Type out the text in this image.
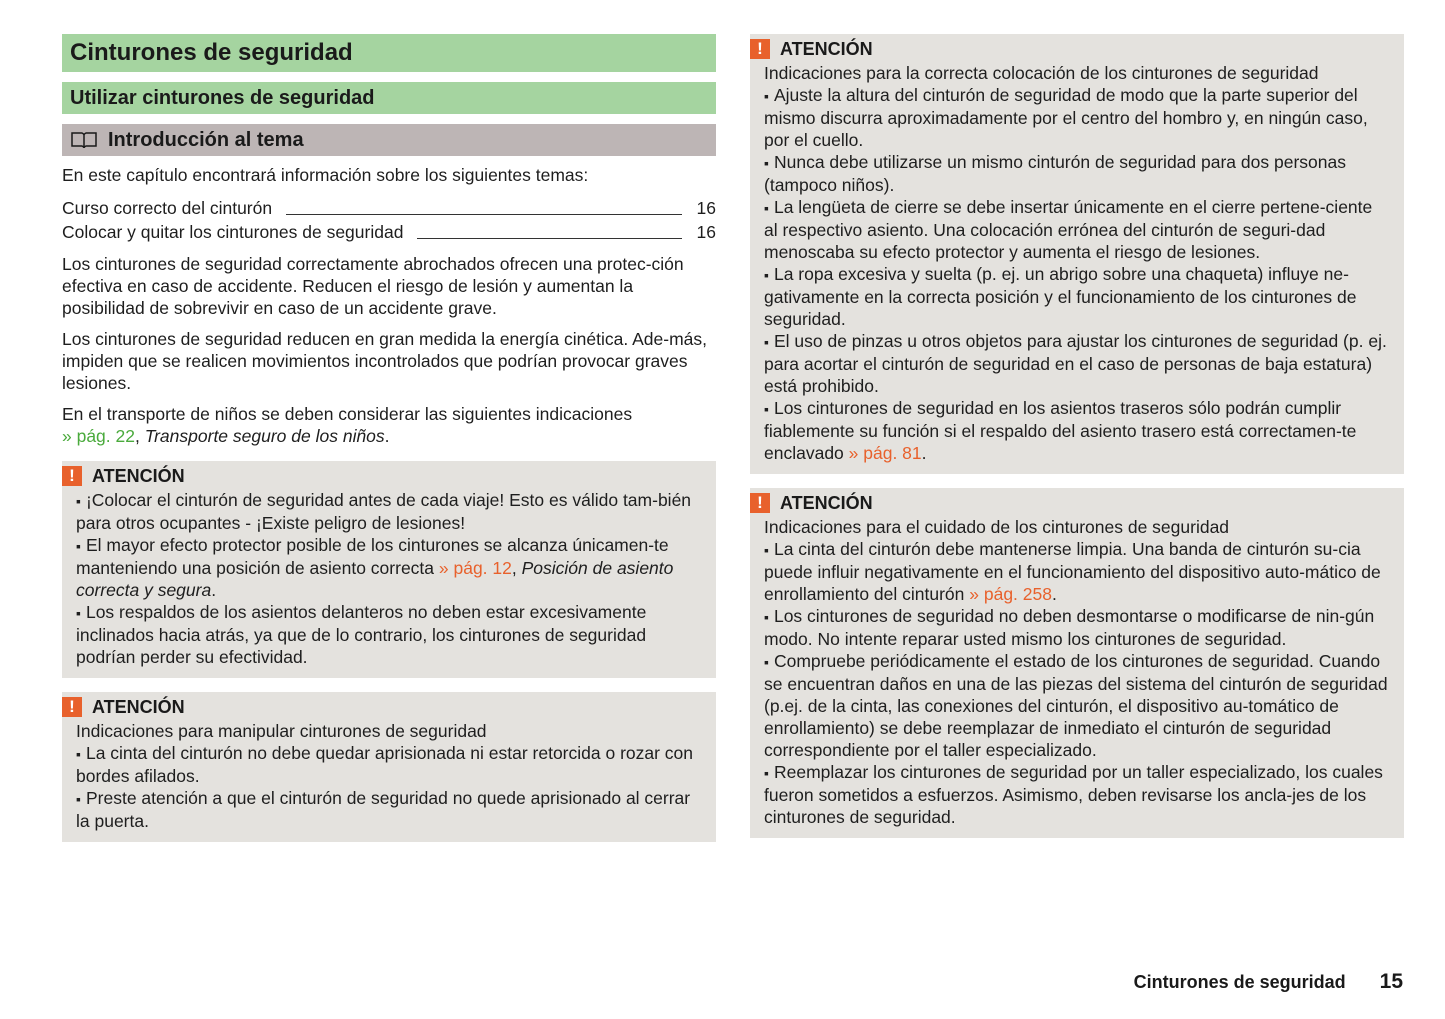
Cinturones de seguridad
Utilizar cinturones de seguridad
Introducción al tema

En este capítulo encontrará información sobre los siguientes temas:

Curso correcto del cinturón	16
Colocar y quitar los cinturones de seguridad	16

Los cinturones de seguridad correctamente abrochados ofrecen una protec-ción efectiva en caso de accidente. Reducen el riesgo de lesión y aumentan la posibilidad de sobrevivir en caso de un accidente grave.

Los cinturones de seguridad reducen en gran medida la energía cinética. Ade-más, impiden que se realicen movimientos incontrolados que podrían provocar graves lesiones.

En el transporte de niños se deben considerar las siguientes indicaciones
» pág. 22, Transporte seguro de los niños.

! ATENCIÓN

▪ ¡Colocar el cinturón de seguridad antes de cada viaje! Esto es válido tam-bién para otros ocupantes - ¡Existe peligro de lesiones!

▪ El mayor efecto protector posible de los cinturones se alcanza únicamen-te manteniendo una posición de asiento correcta » pág. 12, Posición de asiento correcta y segura.

▪ Los respaldos de los asientos delanteros no deben estar excesivamente inclinados hacia atrás, ya que de lo contrario, los cinturones de seguridad podrían perder su efectividad.

! ATENCIÓN

Indicaciones para manipular cinturones de seguridad

▪ La cinta del cinturón no debe quedar aprisionada ni estar retorcida o rozar con bordes afilados.

▪ Preste atención a que el cinturón de seguridad no quede aprisionado al cerrar la puerta.

! ATENCIÓN

Indicaciones para la correcta colocación de los cinturones de seguridad

▪ Ajuste la altura del cinturón de seguridad de modo que la parte superior del mismo discurra aproximadamente por el centro del hombro y, en ningún caso, por el cuello.

▪ Nunca debe utilizarse un mismo cinturón de seguridad para dos personas (tampoco niños).

▪ La lengüeta de cierre se debe insertar únicamente en el cierre pertene-ciente al respectivo asiento. Una colocación errónea del cinturón de seguri-dad menoscaba su efecto protector y aumenta el riesgo de lesiones.

▪ La ropa excesiva y suelta (p. ej. un abrigo sobre una chaqueta) influye ne-gativamente en la correcta posición y el funcionamiento de los cinturones de seguridad.

▪ El uso de pinzas u otros objetos para ajustar los cinturones de seguridad (p. ej. para acortar el cinturón de seguridad en el caso de personas de baja estatura) está prohibido.

▪ Los cinturones de seguridad en los asientos traseros sólo podrán cumplir fiablemente su función si el respaldo del asiento trasero está correctamen-te enclavado » pág. 81.

! ATENCIÓN

Indicaciones para el cuidado de los cinturones de seguridad

▪ La cinta del cinturón debe mantenerse limpia. Una banda de cinturón su-cia puede influir negativamente en el funcionamiento del dispositivo auto-mático de enrollamiento del cinturón » pág. 258.

▪ Los cinturones de seguridad no deben desmontarse o modificarse de nin-gún modo. No intente reparar usted mismo los cinturones de seguridad.

▪ Compruebe periódicamente el estado de los cinturones de seguridad. Cuando se encuentran daños en una de las piezas del sistema del cinturón de seguridad (p.ej. de la cinta, las conexiones del cinturón, el dispositivo au-tomático de enrollamiento) se debe reemplazar de inmediato el cinturón de seguridad correspondiente por el taller especializado.

▪ Reemplazar los cinturones de seguridad por un taller especializado, los cuales fueron sometidos a esfuerzos. Asimismo, deben revisarse los ancla-jes de los cinturones de seguridad.

Cinturones de seguridad 15
